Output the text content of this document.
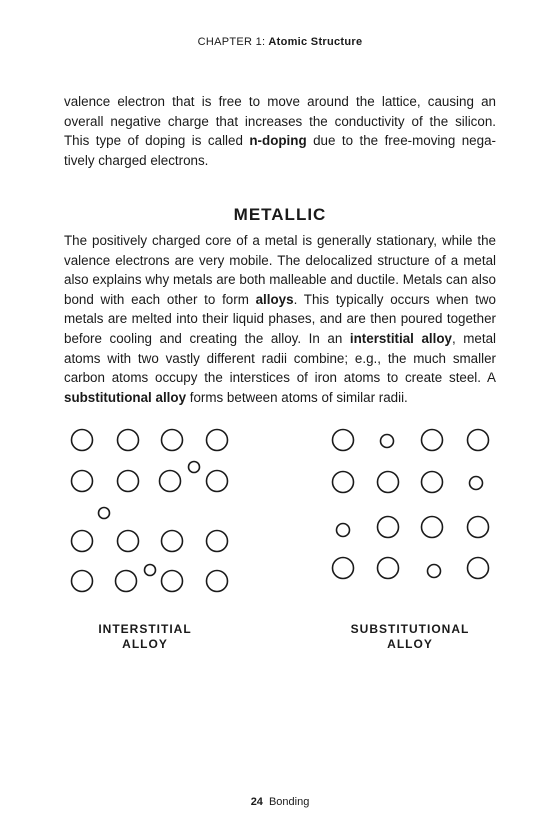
CHAPTER 1: Atomic Structure

valence electron that is free to move around the lattice, causing an overall negative charge that increases the conductivity of the silicon. This type of doping is called n-doping due to the free-moving nega-tively charged electrons.

METALLIC

The positively charged core of a metal is generally stationary, while the valence electrons are very mobile. The delocalized structure of a metal also explains why metals are both malleable and ductile. Metals can also bond with each other to form alloys. This typically occurs when two metals are melted into their liquid phases, and are then poured together before cooling and creating the alloy. In an interstitial alloy, metal atoms with two vastly different radii combine; e.g., the much smaller carbon atoms occupy the interstices of iron atoms to create steel. A substitutional alloy forms between atoms of similar radii.

INTERSTITIAL
ALLOY
SUBSTITUTIONAL
ALLOY
24 Bonding
